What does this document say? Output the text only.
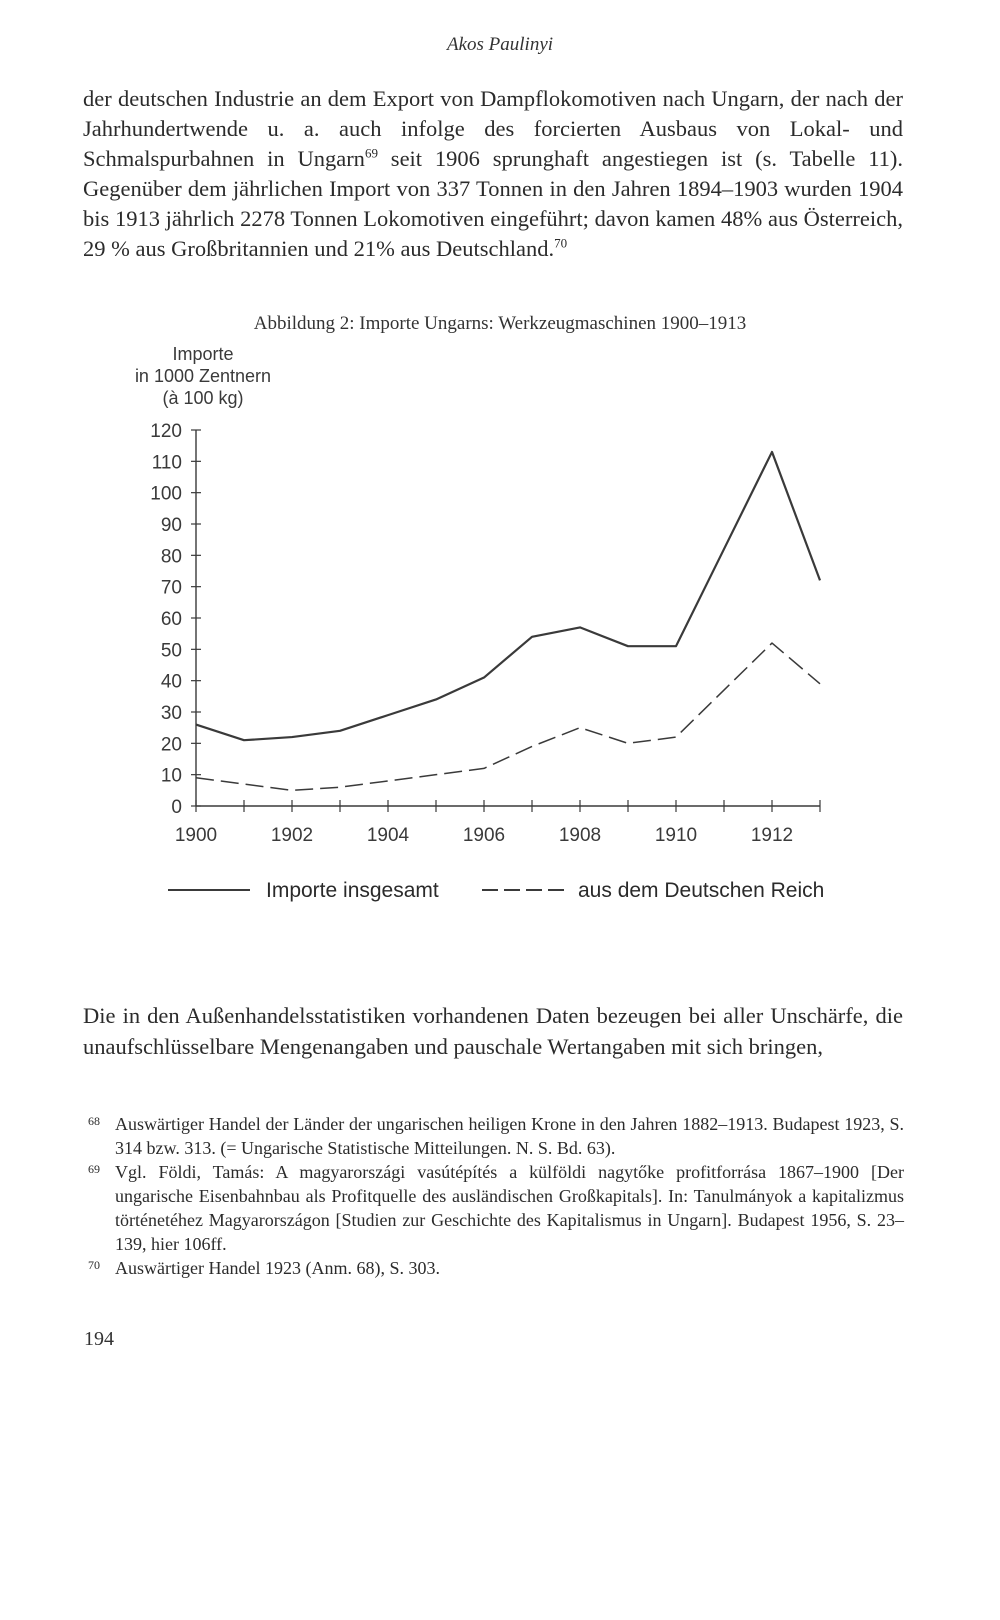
Akos Paulinyi

der deutschen Industrie an dem Export von Dampflokomotiven nach Ungarn, der nach der Jahrhundertwende u. a. auch infolge des forcierten Ausbaus von Lokal- und Schmalspurbahnen in Ungarn$^{69}$ seit 1906 sprunghaft angestiegen ist (s. Tabelle 11). Gegenüber dem jährlichen Import von 337 Tonnen in den Jahren 1894–1903 wurden 1904 bis 1913 jährlich 2278 Tonnen Lokomotiven eingeführt; davon kamen 48% aus Österreich, 29 % aus Großbritannien und 21% aus Deutschland.$^{70}$

Abbildung 2: Importe Ungarns: Werkzeugmaschinen 1900–1913
Importe
in 1000 Zentnern
(à 100 kg)
0
10
20
30
40
50
60
70
80
90
100
110
120
1900	1902	1904	1906	1908	1910	1912
Importe insgesamt	aus dem Deutschen Reich

Die in den Außenhandelsstatistiken vorhandenen Daten bezeugen bei aller Unschärfe, die unaufschlüsselbare Mengenangaben und pauschale Wertangaben mit sich bringen,

68 Auswärtiger Handel der Länder der ungarischen heiligen Krone in den Jahren 1882–1913. Budapest 1923, S. 314 bzw. 313. (= Ungarische Statistische Mitteilungen. N. S. Bd. 63).

69 Vgl. Földi, Tamás: A magyarországi vasútépítés a külföldi nagytőke profitforrása 1867–1900 [Der ungarische Eisenbahnbau als Profitquelle des ausländischen Großkapitals]. In: Tanulmányok a kapitalizmus történetéhez Magyarországon [Studien zur Geschichte des Kapitalismus in Ungarn]. Budapest 1956, S. 23–139, hier 106ff.

70 Auswärtiger Handel 1923 (Anm. 68), S. 303.

194
